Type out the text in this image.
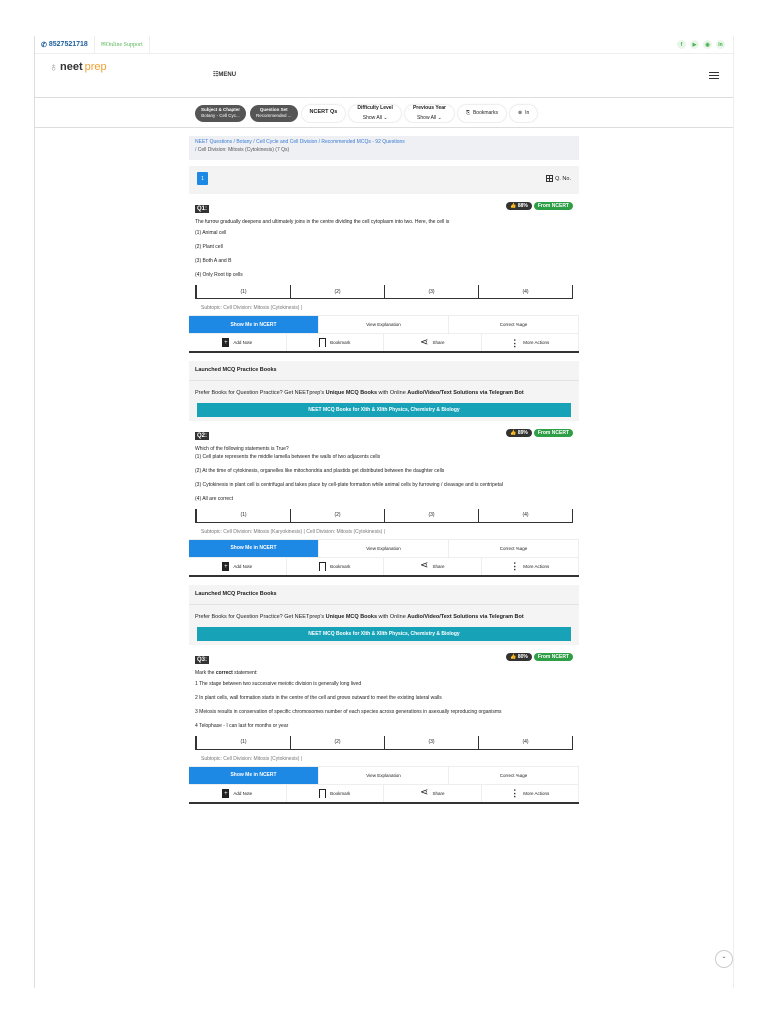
✆ 8527521718 ✉ Online Support	f	▶	◉	in
♁ neet prep
☷MENU
Subject & Chapter
Botany - Cell Cyc...
Question Set
Recommended ...
NCERT Qs
Difficulty Level
Show All ⌄
Previous Year
Show All ⌄
⎘ Bookmarks	⊗ In
NEET Questions / Botany / Cell Cycle and Cell Division / Recommended MCQs - 92 Questions
/ Cell Division: Mitosis (Cytokinesis) (7 Qs)
1	Q. No.
Q1:	👍 88%	From NCERT
The furrow gradually deepens and ultimately joins in the centre dividing the cell cytoplasm into two. Here, the cell is
(1) Animal cell
(2) Plant cell
(3) Both A and B
(4) Only Root tip cells
(1)	(2)	(3)	(4)
Subtopic: Cell Division: Mitosis (Cytokinesis) |
Show Me in NCERT	View Explanation	Correct %age
+	Add Note	Bookmark	⋖ Share	⋮ More Actions
Launched MCQ Practice Books

Prefer Books for Question Practice? Get NEETprep's Unique MCQ Books with Online Audio/Video/Text Solutions via Telegram Bot

NEET MCQ Books for XIth & XIIth Physics, Chemistry & Biology
Q2:	👍 89%	From NCERT
Which of the following statements is True?
(1) Cell plate represents the middle lamella between the walls of two adjacents cells
(2) At the time of cytokinesis, organelles like mitochondria and plastids get distributed between the daughter cells
(3) Cytokinesis in plant cell is centrifugal and takes place by cell-plate formation while animal cells by furrowing / cleavage and is centripetal
(4) All are correct
(1)	(2)	(3)	(4)
Subtopic: Cell Division: Mitosis (Karyokinesis) | Cell Division: Mitosis (Cytokinesis) |
Show Me in NCERT	View Explanation	Correct %age
+	Add Note	Bookmark	⋖ Share	⋮ More Actions
Launched MCQ Practice Books

Prefer Books for Question Practice? Get NEETprep's Unique MCQ Books with Online Audio/Video/Text Solutions via Telegram Bot

NEET MCQ Books for XIth & XIIth Physics, Chemistry & Biology
Q3:	👍 80%	From NCERT
Mark the correct statement:
1 The stage between two successive meiotic division is generally long lived
2 In plant cells, wall formation starts in the centre of the cell and grows outward to meet the existing lateral walls
3 Meiosis results in conservation of specific chromosomes number of each species across generations in asexually reproducing organisms
4 Telophase - I can last for months or year
(1)	(2)	(3)	(4)
Subtopic: Cell Division: Mitosis (Cytokinesis) |
Show Me in NCERT	View Explanation	Correct %age
+	Add Note	Bookmark	⋖ Share	⋮ More Actions
⌃
